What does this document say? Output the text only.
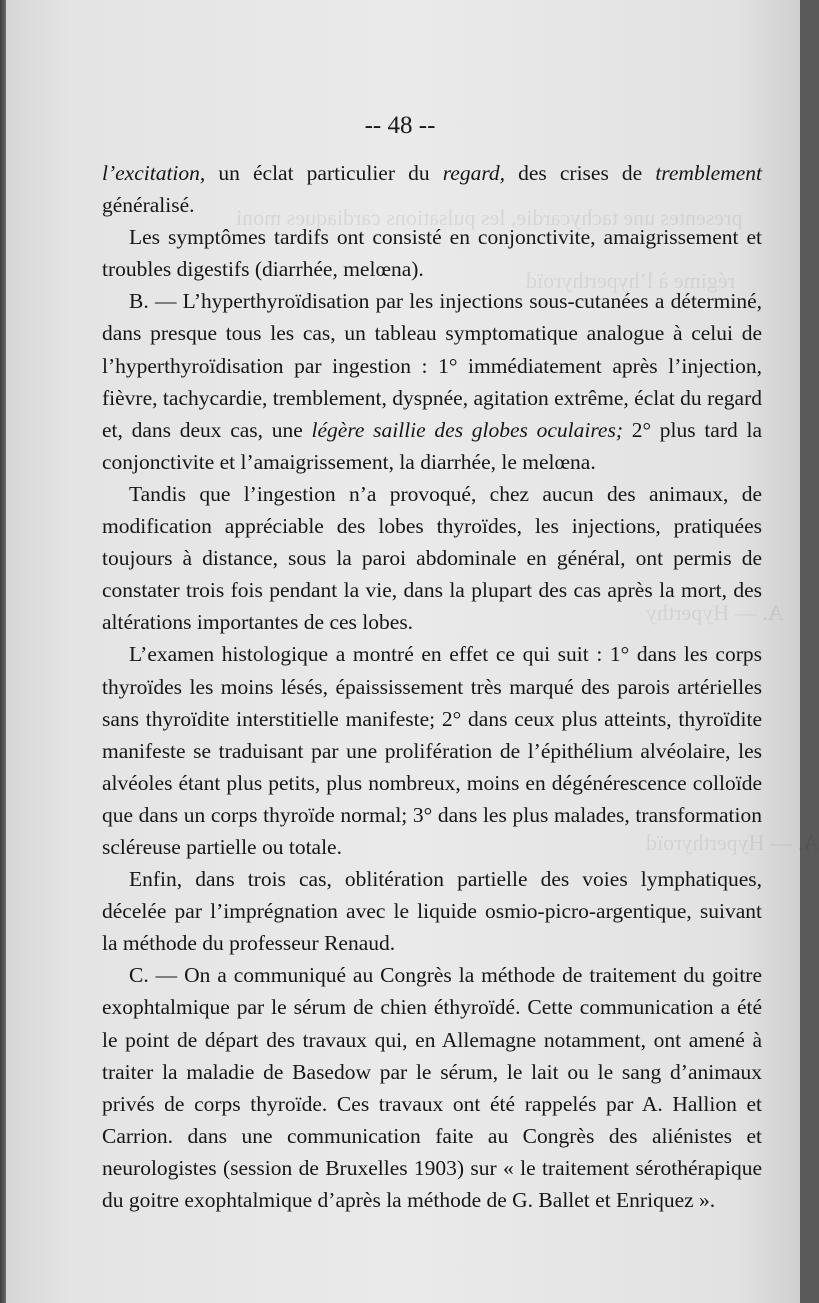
presentes une tachycardie, les pulsations cardiaques moni
régime à l’hyperthyroïd
A. — Hyperthy
A. — Hyperthyroïd
-- 48 --

l’excitation, un éclat particulier du regard, des crises de tremblement généralisé.

Les symptômes tardifs ont consisté en conjonctivite, amaigrissement et troubles digestifs (diarrhée, melœna).

B. — L’hyperthyroïdisation par les injections sous-cutanées a déterminé, dans presque tous les cas, un tableau symptomatique analogue à celui de l’hyperthyroïdisation par ingestion : 1° immédiatement après l’injection, fièvre, tachycardie, tremblement, dyspnée, agitation extrême, éclat du regard et, dans deux cas, une légère saillie des globes oculaires; 2° plus tard la conjonctivite et l’amaigrissement, la diarrhée, le melœna.

Tandis que l’ingestion n’a provoqué, chez aucun des animaux, de modification appréciable des lobes thyroïdes, les injections, pratiquées toujours à distance, sous la paroi abdominale en général, ont permis de constater trois fois pendant la vie, dans la plupart des cas après la mort, des altérations importantes de ces lobes.

L’examen histologique a montré en effet ce qui suit : 1° dans les corps thyroïdes les moins lésés, épaississement très marqué des parois artérielles sans thyroïdite interstitielle manifeste; 2° dans ceux plus atteints, thyroïdite manifeste se traduisant par une prolifération de l’épithélium alvéolaire, les alvéoles étant plus petits, plus nombreux, moins en dégénérescence colloïde que dans un corps thyroïde normal; 3° dans les plus malades, transformation scléreuse partielle ou totale.

Enfin, dans trois cas, oblitération partielle des voies lymphatiques, décelée par l’imprégnation avec le liquide osmio-picro-argentique, suivant la méthode du professeur Renaud.

C. — On a communiqué au Congrès la méthode de traitement du goitre exophtalmique par le sérum de chien éthyroïdé. Cette communication a été le point de départ des travaux qui, en Allemagne notamment, ont amené à traiter la maladie de Basedow par le sérum, le lait ou le sang d’animaux privés de corps thyroïde. Ces travaux ont été rappelés par A. Hallion et Carrion. dans une communication faite au Congrès des aliénistes et neurologistes (session de Bruxelles 1903) sur « le traitement sérothérapique du goitre exophtalmique d’après la méthode de G. Ballet et Enriquez ».
